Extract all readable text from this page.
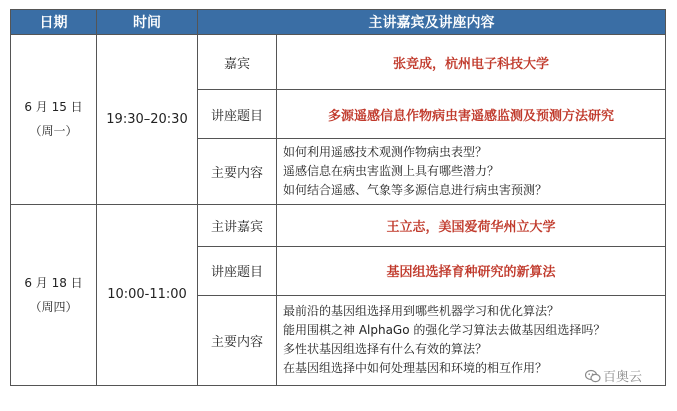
日期	时间	主讲嘉宾及讲座内容	

6 月 15 日
（周一）	19:30–20:30	嘉宾	张竞成，杭州电子科技大学
		讲座题目	多源遥感信息作物病虫害遥感监测及预测方法研究
		主要内容	如何利用遥感技术观测作物病虫表型？
遥感信息在病虫害监测上具有哪些潜力？
如何结合遥感、气象等多源信息进行病虫害预测？

6 月 18 日
（周四）	10:00-11:00	主讲嘉宾	王立志，美国爱荷华州立大学
		讲座题目	基因组选择育种研究的新算法
		主要内容	最前沿的基因组选择用到哪些机器学习和优化算法？
能用围棋之神 AlphaGo 的强化学习算法去做基因组选择吗？
多性状基因组选择有什么有效的算法？
在基因组选择中如何处理基因和环境的相互作用？
百奥云
